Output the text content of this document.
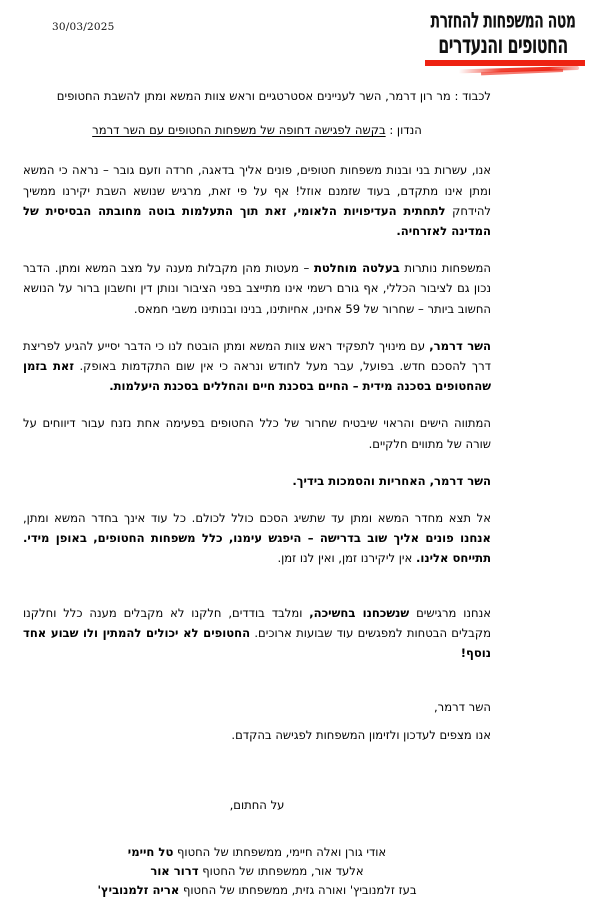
30/03/2025	מטה המשפחות להחזרת
החטופים והנעדרים
לכבוד : מר רון דרמר, השר לעניינים אסטרטגיים וראש צוות המשא ומתן להשבת החטופים
הנדון : בקשה לפגישה דחופה של משפחות החטופים עם השר דרמר

אנו, עשרות בני ובנות משפחות חטופים, פונים אליך בדאגה, חרדה וזעם גובר – נראה כי המשא ומתן אינו מתקדם, בעוד שזמנם אוזל! אף על פי זאת, מרגיש שנושא השבת יקירנו ממשיך להידחק לתחתית העדיפויות הלאומי, זאת תוך התעלמות בוטה מחובתה הבסיסית של המדינה לאזרחיה.

המשפחות נותרות בעלטה מוחלטת – מעטות מהן מקבלות מענה על מצב המשא ומתן. הדבר נכון גם לציבור הכללי, אף גורם רשמי אינו מתייצב בפני הציבור ונותן דין וחשבון ברור על הנושא החשוב ביותר – שחרור של 59 אחינו, אחיותינו, בנינו ובנותינו משבי חמאס.

השר דרמר, עם מינויך לתפקיד ראש צוות המשא ומתן הובטח לנו כי הדבר יסייע להגיע לפריצת דרך להסכם חדש. בפועל, עבר מעל לחודש ונראה כי אין שום התקדמות באופק. זאת בזמן שהחטופים בסכנה מידית – החיים בסכנת חיים והחללים בסכנת היעלמות.

המתווה הישים והראוי שיבטיח שחרור של כלל החטופים בפעימה אחת נזנח עבור דיווחים על שורה של מתווים חלקיים.

השר דרמר, האחריות והסמכות בידיך.

אל תצא מחדר המשא ומתן עד שתשיג הסכם כולל לכולם. כל עוד אינך בחדר המשא ומתן, אנחנו פונים אליך שוב בדרישה – היפגש עימנו, כלל משפחות החטופים, באופן מידי. תתייחס אלינו. אין ליקירנו זמן, ואין לנו זמן.

אנחנו מרגישים שנשכחנו בחשיכה, ומלבד בודדים, חלקנו לא מקבלים מענה כלל וחלקנו מקבלים הבטחות למפגשים עוד שבועות ארוכים. החטופים לא יכולים להמתין ולו שבוע אחד נוסף!

השר דרמר,

אנו מצפים לעדכון ולזימון המשפחות לפגישה בהקדם.

על החתום,

אודי גורן ואלה חיימי, ממשפחתו של החטוף טל חיימי
אלעד אור, ממשפחתו של החטוף דרור אור
בעז זלמנוביץ' ואורה גזית, ממשפחתו של החטוף אריה זלמנוביץ'
